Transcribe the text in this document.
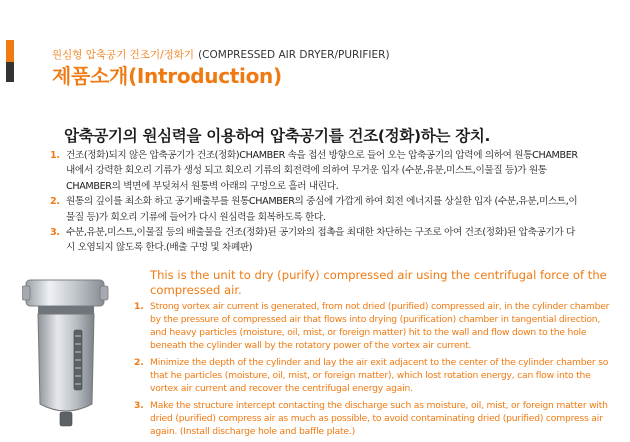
원심형 압축공기 건조기/정화기 (COMPRESSED AIR DRYER/PURIFIER)
제품소개(Introduction)
압축공기의 원심력을 이용하여 압축공기를 건조(정화)하는 장치.
1. 건조(정화)되지 않은 압축공기가 건조(정화)CHAMBER 속을 접선 방향으로 들어 오는 압축공기의 압력에 의하여 원통CHAMBER 내에서 강력한 회오리 기류가 생성 되고 회오리 기류의 회전력에 의하여 무거운 입자 (수분,유분,미스트,이물질 등)가 원통CHAMBER의 벽면에 부딪쳐서 원통벽 아래의 구멍으로 흘러 내린다.
2. 원통의 깊이를 최소화 하고 공기배출부를 원통CHAMBER의 중심에 가깝게 하여 회전 에너지를 상실한 입자 (수분,유분,미스트,이물질 등)가 회오리 기류에 들어가 다시 원심력을 회복하도록 한다.
3. 수분,유분,미스트,이물질 등의 배출물을 건조(정화)된 공기와의 접촉을 최대한 차단하는 구조로 아여 건조(정화)된 압축공기가 다시 오염되지 않도록 한다.(배출 구멍 및 차폐판)
This is the unit to dry (purify) compressed air using the centrifugal force of the compressed air.
1. Strong vortex air current is generated, from not dried (purified) compressed air, in the cylinder chamber by the pressure of compressed air that flows into drying (purification) chamber in tangential direction, and heavy particles (moisture, oil, mist, or foreign matter) hit to the wall and flow down to the hole beneath the cylinder wall by the rotatory power of the vortex air current.
2. Minimize the depth of the cylinder and lay the air exit adjacent to the center of the cylinder chamber so that he particles (moisture, oil, mist, or foreign matter), which lost rotation energy, can flow into the vortex air current and recover the centrifugal energy again.
3. Make the structure intercept contacting the discharge such as moisture, oil, mist, or foreign matter with dried (purified) compress air as much as possible, to avoid contaminating dried (purified) compress air again. (Install discharge hole and baffle plate.)
